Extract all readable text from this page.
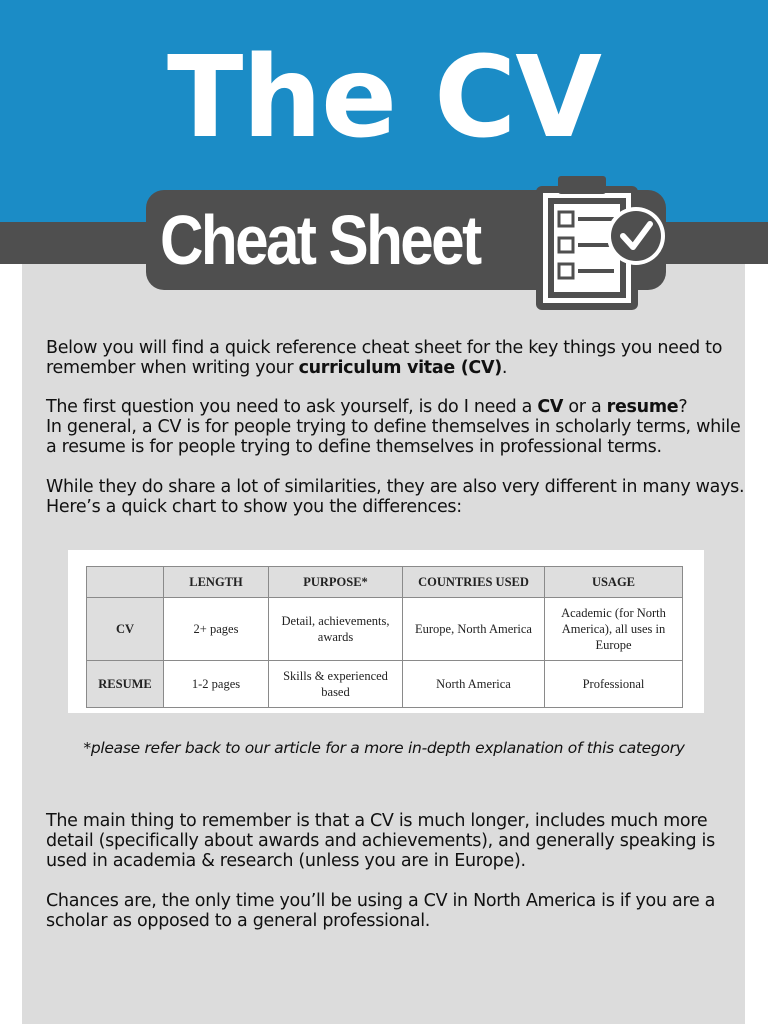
The CV
Cheat Sheet

Below you will find a quick reference cheat sheet for the key things you need to remember when writing your curriculum vitae (CV).

The first question you need to ask yourself, is do I need a CV or a resume?
In general, a CV is for people trying to define themselves in scholarly terms, while a resume is for people trying to define themselves in professional terms.

While they do share a lot of similarities, they are also very different in many ways.
Here’s a quick chart to show you the differences:

	LENGTH	PURPOSE*	COUNTRIES USED	USAGE
CV	2+ pages	Detail, achievements, awards	Europe, North America	Academic (for North America), all uses in Europe
RESUME	1-2 pages	Skills & experienced based	North America	Professional
*please refer back to our article for a more in-depth explanation of this category

The main thing to remember is that a CV is much longer, includes much more detail (specifically about awards and achievements), and generally speaking is used in academia & research (unless you are in Europe).

Chances are, the only time you’ll be using a CV in North America is if you are a scholar as opposed to a general professional.
